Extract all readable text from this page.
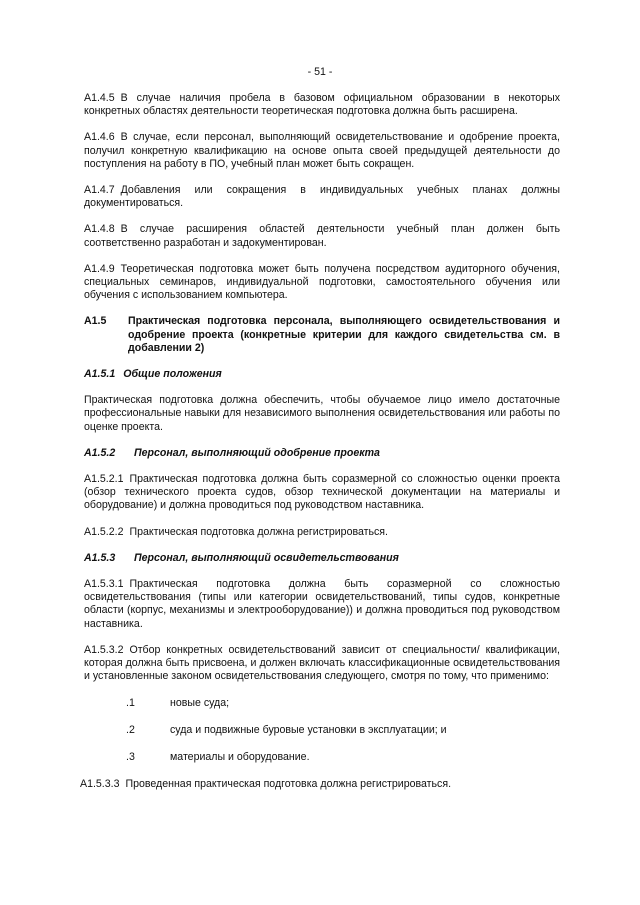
- 51 -

A1.4.5 В случае наличия пробела в базовом официальном образовании в некоторых конкретных областях деятельности теоретическая подготовка должна быть расширена.

A1.4.6 В случае, если персонал, выполняющий освидетельствование и одобрение проекта, получил конкретную квалификацию на основе опыта своей предыдущей деятельности до поступления на работу в ПО, учебный план может быть сокращен.

A1.4.7 Добавления или сокращения в индивидуальных учебных планах должны документироваться.

A1.4.8 В случае расширения областей деятельности учебный план должен быть соответственно разработан и задокументирован.

A1.4.9 Теоретическая подготовка может быть получена посредством аудиторного обучения, специальных семинаров, индивидуальной подготовки, самостоятельного обучения или обучения с использованием компьютера.

A1.5	Практическая подготовка персонала, выполняющего освидетельствования и одобрение проекта (конкретные критерии для каждого свидетельства см. в добавлении 2)
A1.5.1 Общие положения

Практическая подготовка должна обеспечить, чтобы обучаемое лицо имело достаточные профессиональные навыки для независимого выполнения освидетельствования или работы по оценке проекта.

A1.5.2	Персонал, выполняющий одобрение проекта

A1.5.2.1 Практическая подготовка должна быть соразмерной со сложностью оценки проекта (обзор технического проекта судов, обзор технической документации на материалы и оборудование) и должна проводиться под руководством наставника.

A1.5.2.2 Практическая подготовка должна регистрироваться.

A1.5.3	Персонал, выполняющий освидетельствования

A1.5.3.1 Практическая подготовка должна быть соразмерной со сложностью освидетельствования (типы или категории освидетельствований, типы судов, конкретные области (корпус, механизмы и электрооборудование)) и должна проводиться под руководством наставника.

A1.5.3.2 Отбор конкретных освидетельствований зависит от специальности/ квалификации, которая должна быть присвоена, и должен включать классификационные освидетельствования и установленные законом освидетельствования следующего, смотря по тому, что применимо:

.1	новые суда;
.2	суда и подвижные буровые установки в эксплуатации; и
.3	материалы и оборудование.

A1.5.3.3 Проведенная практическая подготовка должна регистрироваться.
